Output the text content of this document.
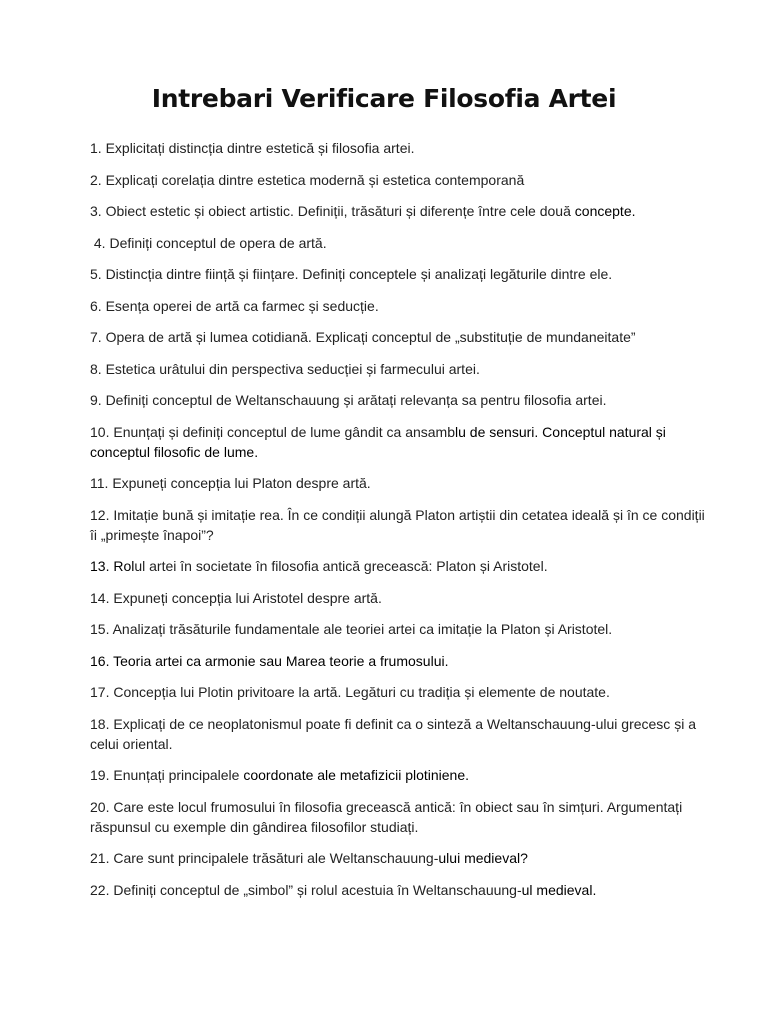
Intrebari Verificare Filosofia Artei
1. Explicitați distincția dintre estetică și filosofia artei.
2. Explicați corelația dintre estetica modernă și estetica contemporană
3. Obiect estetic și obiect artistic. Definiții, trăsături și diferențe între cele două concepte.
4. Definiți conceptul de opera de artă.
5. Distincția dintre ființă și ființare. Definiți conceptele și analizați legăturile dintre ele.
6. Esența operei de artă ca farmec și seducție.
7. Opera de artă și lumea cotidiană. Explicați conceptul de „substituție de mundaneitate”
8. Estetica urâtului din perspectiva seducției și farmecului artei.
9. Definiți conceptul de Weltanschauung și arătați relevanța sa pentru filosofia artei.
10. Enunțați și definiți conceptul de lume gândit ca ansamblu de sensuri. Conceptul natural și conceptul filosofic de lume.
11. Expuneți concepția lui Platon despre artă.
12. Imitație bună și imitație rea. În ce condiții alungă Platon artiștii din cetatea ideală și în ce condiții îi „primește înapoi”?
13. Rolul artei în societate în filosofia antică grecească: Platon și Aristotel.
14. Expuneți concepția lui Aristotel despre artă.
15. Analizați trăsăturile fundamentale ale teoriei artei ca imitație la Platon și Aristotel.
16. Teoria artei ca armonie sau Marea teorie a frumosului.
17. Concepția lui Plotin privitoare la artă. Legături cu tradiția și elemente de noutate.
18. Explicați de ce neoplatonismul poate fi definit ca o sinteză a Weltanschauung-ului grecesc și a celui oriental.
19. Enunțați principalele coordonate ale metafizicii plotiniene.
20. Care este locul frumosului în filosofia grecească antică: în obiect sau în simțuri. Argumentați răspunsul cu exemple din gândirea filosofilor studiați.
21. Care sunt principalele trăsături ale Weltanschauung-ului medieval?
22. Definiți conceptul de „simbol” și rolul acestuia în Weltanschauung-ul medieval.
